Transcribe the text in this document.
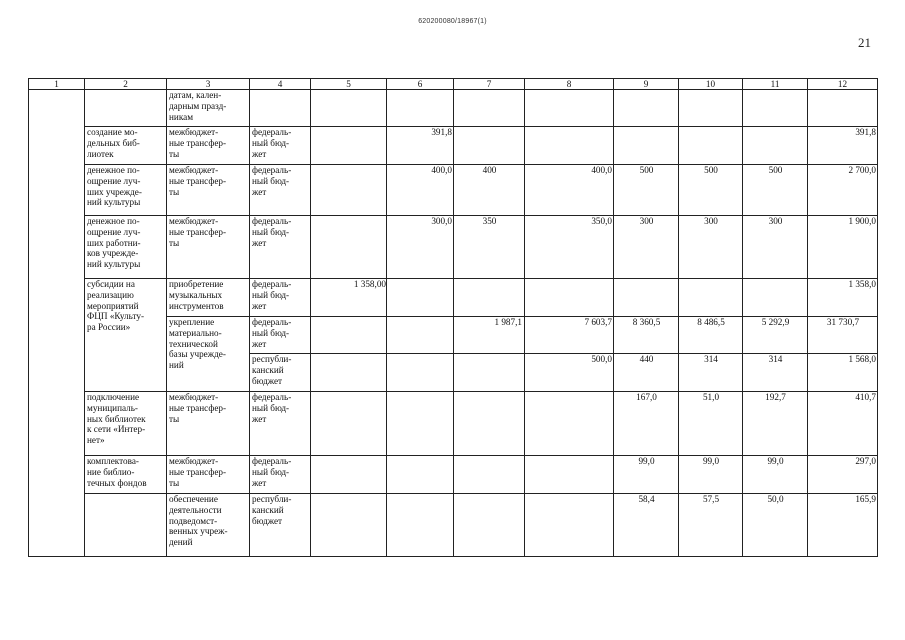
620200080/18967(1)
21
1	2	3	4	5	6	7	8	9	10	11	12
		датам, кален-
дарным празд-
никам									
	создание мо-
дельных биб-
лиотек	межбюджет-
ные трансфер-
ты	федераль-
ный бюд-
жет		391,8						391,8
	денежное по-
ощрение луч-
ших учрежде-
ний культуры	межбюджет-
ные трансфер-
ты	федераль-
ный бюд-
жет		400,0	400	400,0	500	500	500	2 700,0
	денежное по-
ощрение луч-
ших работни-
ков учрежде-
ний культуры	межбюджет-
ные трансфер-
ты	федераль-
ный бюд-
жет		300,0	350	350,0	300	300	300	1 900,0
	субсидии на
реализацию
мероприятий
ФЦП «Культу-
ра России»	приобретение
музыкальных
инструментов	федераль-
ный бюд-
жет	1 358,00							1 358,0
		укрепление
материально-
технической
базы учрежде-
ний	федераль-
ный бюд-
жет			1 987,1	7 603,7	8 360,5	8 486,5	5 292,9	31 730,7
			республи-
канский
бюджет				500,0	440	314	314	1 568,0
	подключение
муниципаль-
ных библиотек
к сети «Интер-
нет»	межбюджет-
ные трансфер-
ты	федераль-
ный бюд-
жет					167,0	51,0	192,7	410,7
	комплектова-
ние библио-
течных фондов	межбюджет-
ные трансфер-
ты	федераль-
ный бюд-
жет					99,0	99,0	99,0	297,0
		обеспечение
деятельности
подведомст-
венных учреж-
дений	республи-
канский
бюджет					58,4	57,5	50,0	165,9
